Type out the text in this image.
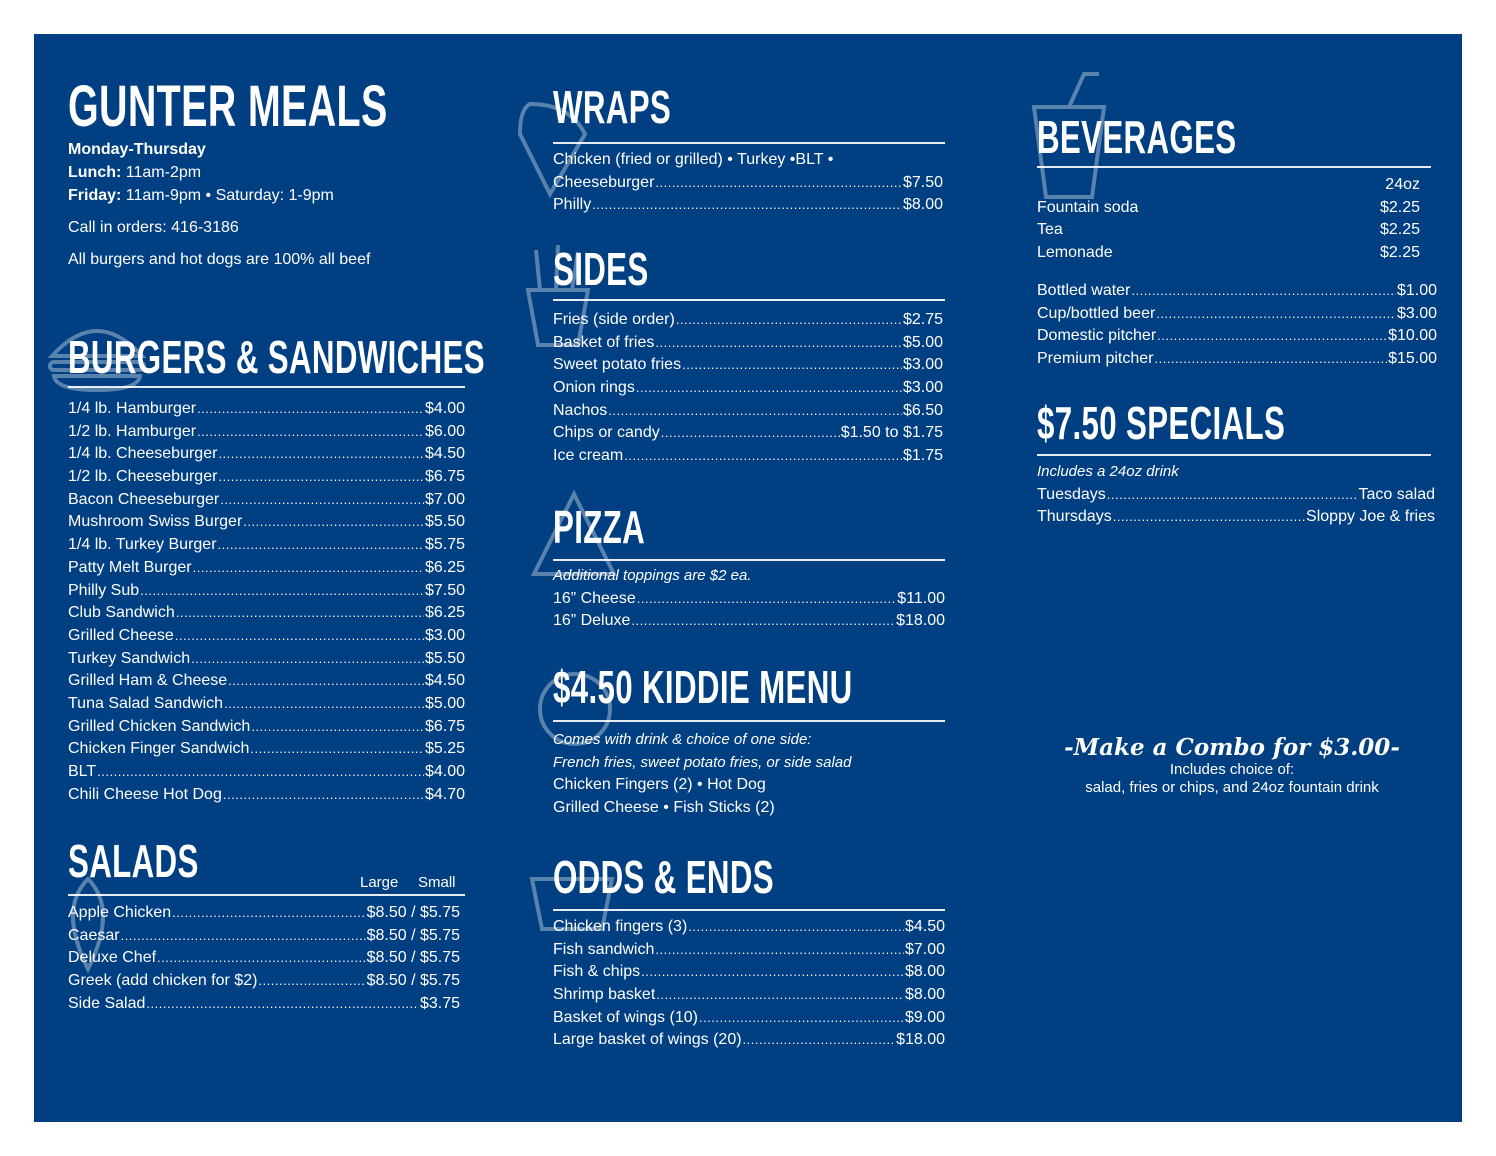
GUNTER MEALS
Monday-Thursday
Lunch: 11am-2pm
Friday: 11am-9pm • Saturday: 1-9pm
Call in orders: 416-3186
All burgers and hot dogs are 100% all beef
BURGERS & SANDWICHES
1/4 lb. Hamburger .....	$4.00
1/2 lb. Hamburger .....	$6.00
1/4 lb. Cheeseburger .....	$4.50
1/2 lb. Cheeseburger .....	$6.75
Bacon Cheeseburger .....	$7.00
Mushroom Swiss Burger .....	$5.50
1/4 lb. Turkey Burger .....	$5.75
Patty Melt Burger .....	$6.25
Philly Sub .....	$7.50
Club Sandwich .....	$6.25
Grilled Cheese .....	$3.00
Turkey Sandwich .....	$5.50
Grilled Ham & Cheese .....	$4.50
Tuna Salad Sandwich .....	$5.00
Grilled Chicken Sandwich .....	$6.75
Chicken Finger Sandwich .....	$5.25
BLT .....	$4.00
Chili Cheese Hot Dog .....	$4.70
SALADS	Large Small
Apple Chicken .....	$8.50 / $5.75
Caesar .....	$8.50 / $5.75
Deluxe Chef .....	$8.50 / $5.75
Greek (add chicken for $2) .....	$8.50 / $5.75
Side Salad .....	$3.75
WRAPS
Chicken (fried or grilled) • Turkey •BLT •
Cheeseburger .....	$7.50
Philly .....	$8.00
SIDES
Fries (side order) .....	$2.75
Basket of fries .....	$5.00
Sweet potato fries .....	$3.00
Onion rings .....	$3.00
Nachos .....	$6.50
Chips or candy .....	$1.50 to $1.75
Ice cream .....	$1.75
PIZZA
Additional toppings are $2 ea.
16” Cheese .....	$11.00
16” Deluxe .....	$18.00
$4.50 KIDDIE MENU
Comes with drink & choice of one side:
French fries, sweet potato fries, or side salad
Chicken Fingers (2) • Hot Dog
Grilled Cheese • Fish Sticks (2)
ODDS & ENDS
Chicken fingers (3) .....	$4.50
Fish sandwich .....	$7.00
Fish & chips .....	$8.00
Shrimp basket .....	$8.00
Basket of wings (10) .....	$9.00
Large basket of wings (20) .....	$18.00
BEVERAGES
24oz
Fountain soda	$2.25
Tea	$2.25
Lemonade	$2.25
Bottled water .....	$1.00
Cup/bottled beer .....	$3.00
Domestic pitcher .....	$10.00
Premium pitcher .....	$15.00
$7.50 SPECIALS
Includes a 24oz drink
Tuesdays .....	Taco salad
Thursdays .....	Sloppy Joe & fries
-Make a Combo for $3.00-
Includes choice of:
salad, fries or chips, and 24oz fountain drink
